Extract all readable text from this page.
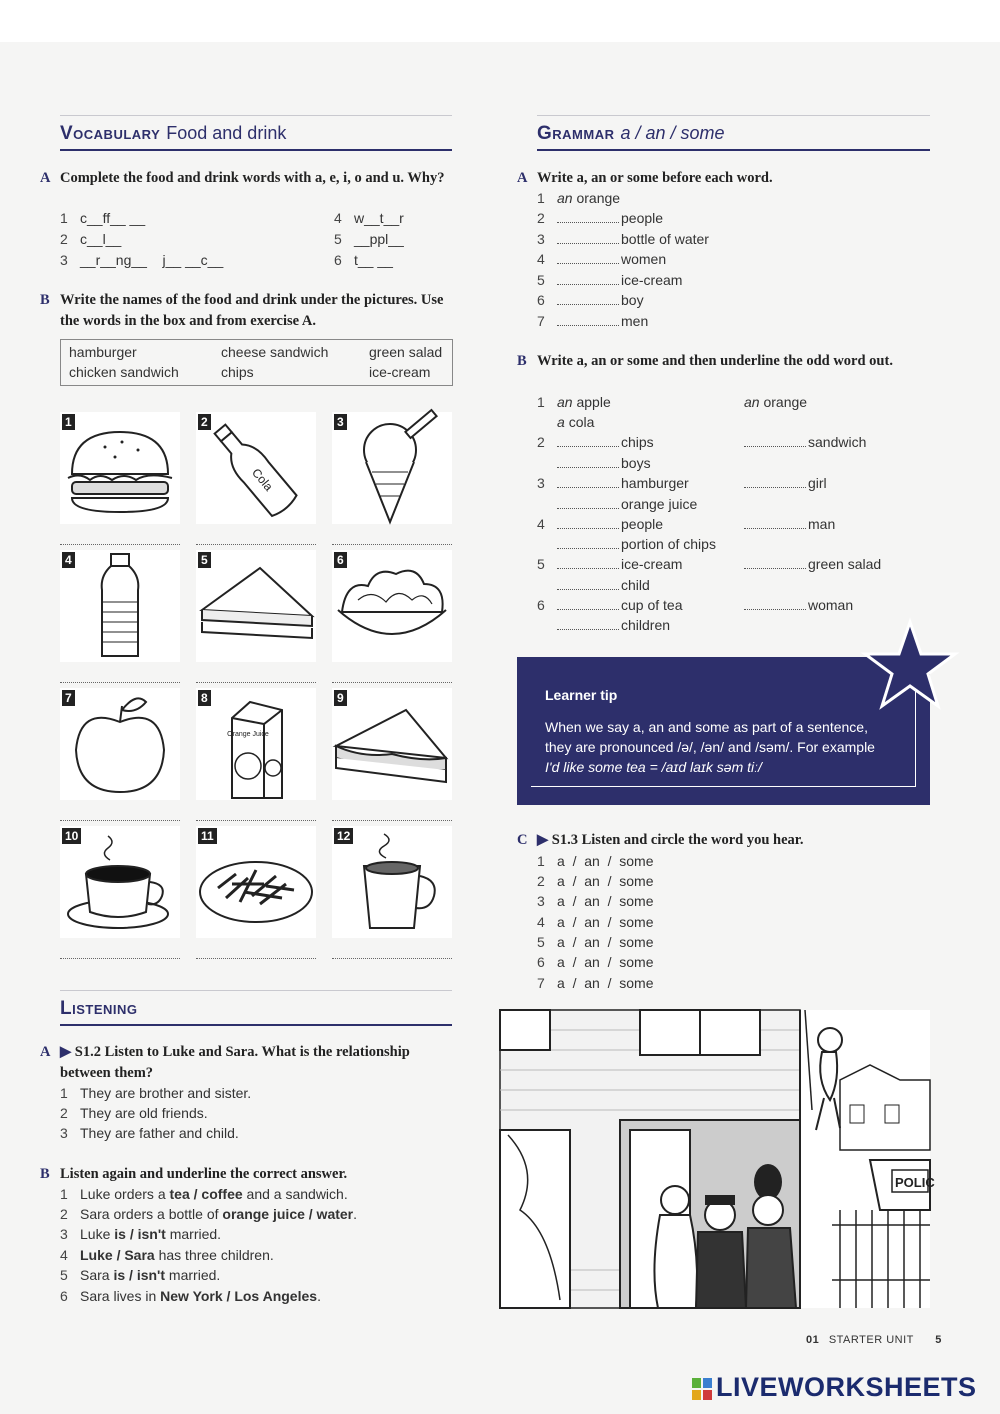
Vocabulary Food and drink
A Complete the food and drink words with a, e, i, o and u. Why?
1 c__ff__ __
2 c__l__
3 __r__ng__    j__ __c__
4 w__t__r
5 __ppl__
6 t__ __
B Write the names of the food and drink under the pictures. Use the words in the box and from exercise A.
hamburger	cheese sandwich	green salad
chicken sandwich	chips	ice-cream
1
Cola
2	3
4	5	6
7
Orange Juice
8	9
10	11	12
Listening
A ▶ S1.2 Listen to Luke and Sara. What is the relationship between them?
1 They are brother and sister.
2 They are old friends.
3 They are father and child.
B Listen again and underline the correct answer.
1 Luke orders a tea / coffee and a sandwich.
2 Sara orders a bottle of orange juice / water.
3 Luke is / isn't married.
4 Luke / Sara has three children.
5 Sara is / isn't married.
6 Sara lives in New York / Los Angeles.
Grammar a / an / some
A Write a, an or some before each word.
1 an orange
2	people
3	bottle of water
4	women
5	ice-cream
6	boy
7	men
B Write a, an or some and then underline the odd word out.
1 an apple	an orange
a cola
2	chips	sandwich
boys
3	hamburger	girl
orange juice
4	people	man
portion of chips
5	ice-cream	green salad
child
6	cup of tea	woman
children
Learner tip
When we say a, an and some as part of a sentence,
they are pronounced /ə/, /ən/ and /səm/. For example
I'd like some tea = /aɪd laɪk səm tiː/
C ▶ S1.3 Listen and circle the word you hear.
1 a  /  an  /  some
2 a  /  an  /  some
3 a  /  an  /  some
4 a  /  an  /  some
5 a  /  an  /  some
6 a  /  an  /  some
7 a  /  an  /  some
POLIC
01 STARTER UNIT 5
LIVEWORKSHEETS
